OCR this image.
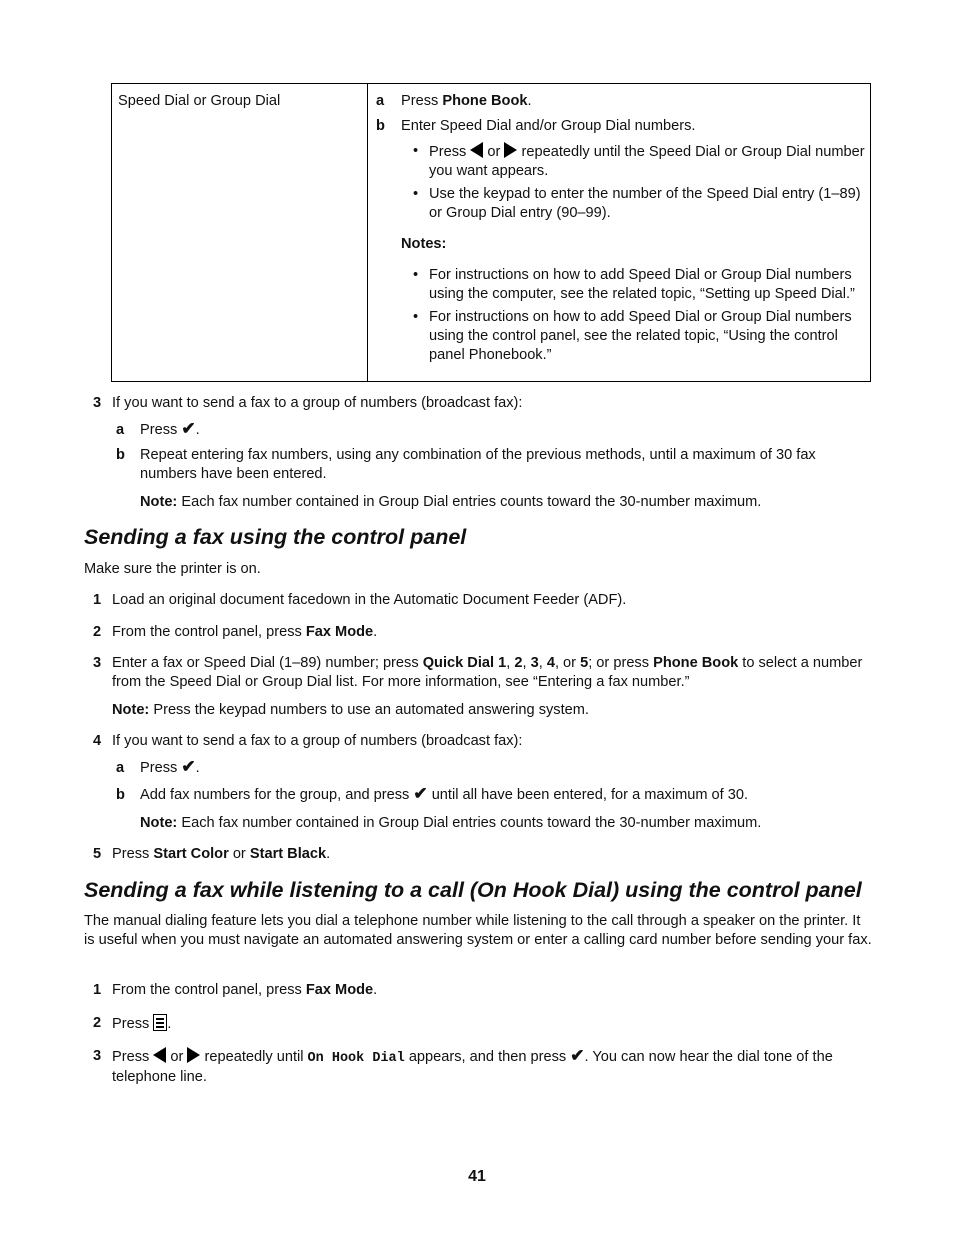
Speed Dial or Group Dial	a Press Phone Book.
b Enter Speed Dial and/or Group Dial numbers.
• Press  or  repeatedly until the Speed Dial or Group Dial number you want appears.
• Use the keypad to enter the number of the Speed Dial entry (1–89) or Group Dial entry (90–99).
Notes:
• For instructions on how to add Speed Dial or Group Dial numbers using the computer, see the related topic, “Setting up Speed Dial.”
• For instructions on how to add Speed Dial or Group Dial numbers using the control panel, see the related topic, “Using the control panel Phonebook.”
3 If you want to send a fax to a group of numbers (broadcast fax):
a Press ✔.
b Repeat entering fax numbers, using any combination of the previous methods, until a maximum of 30 fax numbers have been entered.
Note: Each fax number contained in Group Dial entries counts toward the 30-number maximum.
Sending a fax using the control panel
Make sure the printer is on.
1 Load an original document facedown in the Automatic Document Feeder (ADF).
2 From the control panel, press Fax Mode.
3 Enter a fax or Speed Dial (1–89) number; press Quick Dial 1, 2, 3, 4, or 5; or press Phone Book to select a number from the Speed Dial or Group Dial list. For more information, see “Entering a fax number.”
Note: Press the keypad numbers to use an automated answering system.
4 If you want to send a fax to a group of numbers (broadcast fax):
a Press ✔.
b Add fax numbers for the group, and press ✔ until all have been entered, for a maximum of 30.
Note: Each fax number contained in Group Dial entries counts toward the 30-number maximum.
5 Press Start Color or Start Black.
Sending a fax while listening to a call (On Hook Dial) using the control panel
The manual dialing feature lets you dial a telephone number while listening to the call through a speaker on the printer. It is useful when you must navigate an automated answering system or enter a calling card number before sending your fax.
1 From the control panel, press Fax Mode.
2 Press
.
3 Press  or  repeatedly until On Hook Dial appears, and then press ✔. You can now hear the dial tone of the telephone line.
41
